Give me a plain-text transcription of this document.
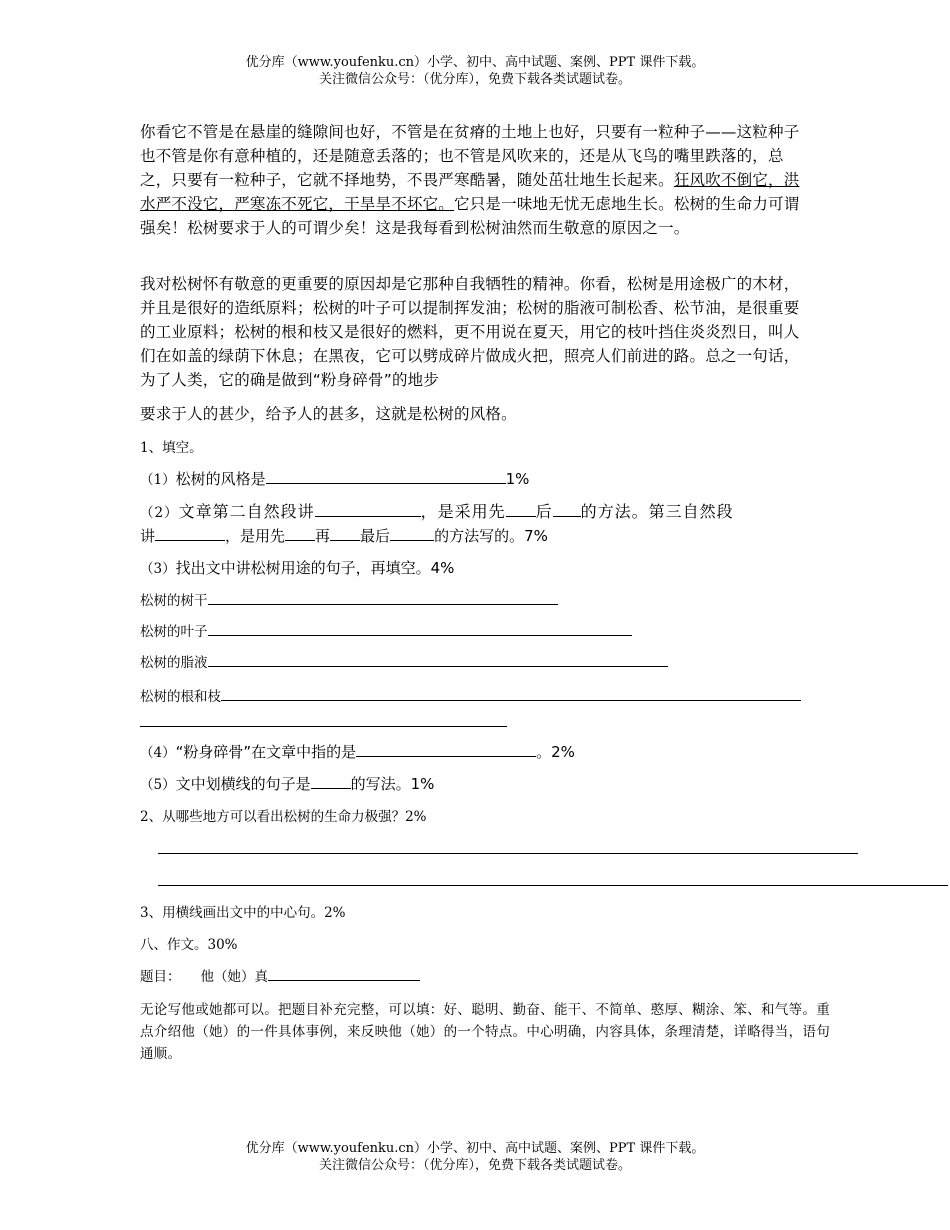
优分库（www.youfenku.cn）小学、初中、高中试题、案例、PPT 课件下载。
关注微信公众号：（优分库），免费下载各类试题试卷。

你看它不管是在悬崖的缝隙间也好，不管是在贫瘠的土地上也好，只要有一粒种子——这粒种子也不管是你有意种植的，还是随意丢落的；也不管是风吹来的，还是从飞鸟的嘴里跌落的，总之，只要有一粒种子，它就不择地势，不畏严寒酷暑，随处茁壮地生长起来。狂风吹不倒它，洪水严不没它，严寒冻不死它，干旱旱不坏它。它只是一味地无忧无虑地生长。松树的生命力可谓强矣！松树要求于人的可谓少矣！这是我每看到松树油然而生敬意的原因之一。

我对松树怀有敬意的更重要的原因却是它那种自我牺牲的精神。你看，松树是用途极广的木材，并且是很好的造纸原料；松树的叶子可以提制挥发油；松树的脂液可制松香、松节油，是很重要的工业原料；松树的根和枝又是很好的燃料，更不用说在夏天，用它的枝叶挡住炎炎烈日，叫人们在如盖的绿荫下休息；在黑夜，它可以劈成碎片做成火把，照亮人们前进的路。总之一句话，为了人类，它的确是做到“粉身碎骨”的地步

要求于人的甚少，给予人的甚多，这就是松树的风格。

1、填空。
（1）松树的风格是	1%
（2）文章第二自然段讲	，是采用先 后 的方法。第三自然段
讲	，是用先 再 最后	的方法写的。7%
（3）找出文中讲松树用途的句子，再填空。4%
松树的树干
松树的叶子
松树的脂液
松树的根和枝
（4）“粉身碎骨”在文章中指的是	。2%
（5）文中划横线的句子是	的写法。1%
2、从哪些地方可以看出松树的生命力极强？2%
3、用横线画出文中的中心句。2%
八、作文。30%
题目： 他（她）真
无论写他或她都可以。把题目补充完整，可以填：好、聪明、勤奋、能干、不简单、憨厚、糊涂、笨、和气等。重点介绍他（她）的一件具体事例，来反映他（她）的一个特点。中心明确，内容具体，条理清楚，详略得当，语句通顺。
优分库（www.youfenku.cn）小学、初中、高中试题、案例、PPT 课件下载。
关注微信公众号：（优分库），免费下载各类试题试卷。
